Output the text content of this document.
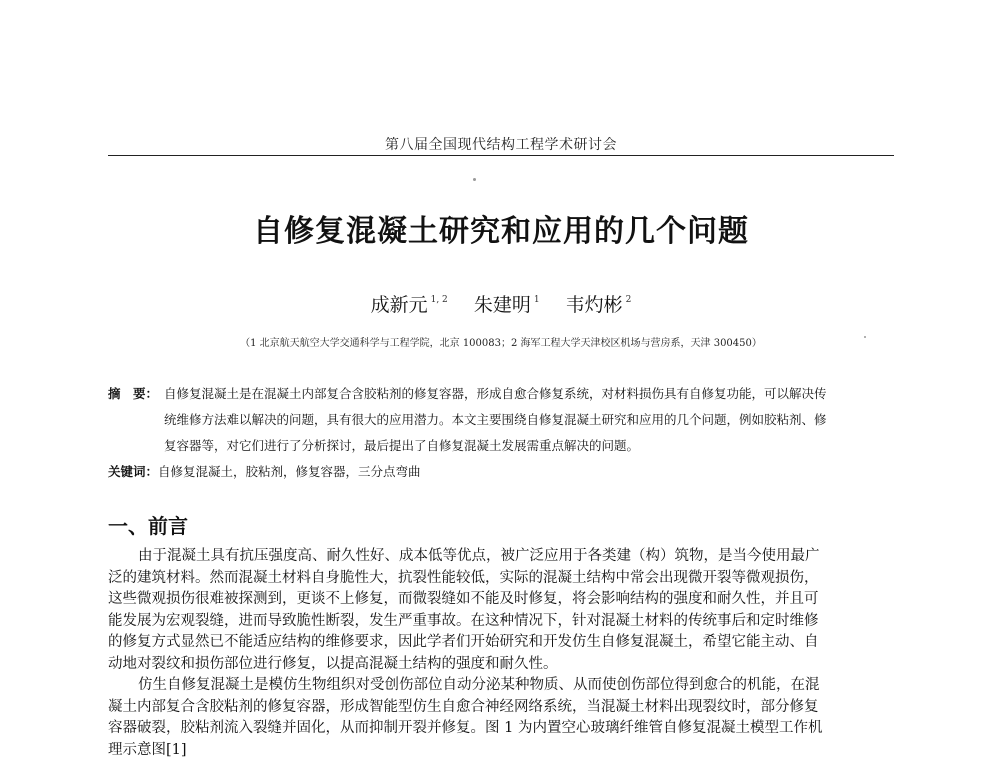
第八届全国现代结构工程学术研讨会
自修复混凝土研究和应用的几个问题
成新元 $^{1, 2}$ 朱建明 $^1$ 韦灼彬 $^2$
（1 北京航天航空大学交通科学与工程学院，北京 100083；2 海军工程大学天津校区机场与营房系，天津 300450）
摘　要： 自修复混凝土是在混凝土内部复合含胶粘剂的修复容器，形成自愈合修复系统，对材料损伤具有自修复功能，可以解决传
统维修方法难以解决的问题，具有很大的应用潜力。本文主要围绕自修复混凝土研究和应用的几个问题，例如胶粘剂、修
复容器等，对它们进行了分析探讨，最后提出了自修复混凝土发展需重点解决的问题。
关键词：自修复混凝土，胶粘剂，修复容器，三分点弯曲
一、前言
由于混凝土具有抗压强度高、耐久性好、成本低等优点，被广泛应用于各类建（构）筑物，是当今使用最广
泛的建筑材料。然而混凝土材料自身脆性大，抗裂性能较低，实际的混凝土结构中常会出现微开裂等微观损伤，
这些微观损伤很难被探测到，更谈不上修复，而微裂缝如不能及时修复，将会影响结构的强度和耐久性，并且可
能发展为宏观裂缝，进而导致脆性断裂，发生严重事故。在这种情况下，针对混凝土材料的传统事后和定时维修
的修复方式显然已不能适应结构的维修要求，因此学者们开始研究和开发仿生自修复混凝土，希望它能主动、自
动地对裂纹和损伤部位进行修复，以提高混凝土结构的强度和耐久性。
仿生自修复混凝土是模仿生物组织对受创伤部位自动分泌某种物质、从而使创伤部位得到愈合的机能，在混
凝土内部复合含胶粘剂的修复容器，形成智能型仿生自愈合神经网络系统，当混凝土材料出现裂纹时，部分修复
容器破裂，胶粘剂流入裂缝并固化，从而抑制开裂并修复。图 1 为内置空心玻璃纤维管自修复混凝土模型工作机
理示意图[1]
